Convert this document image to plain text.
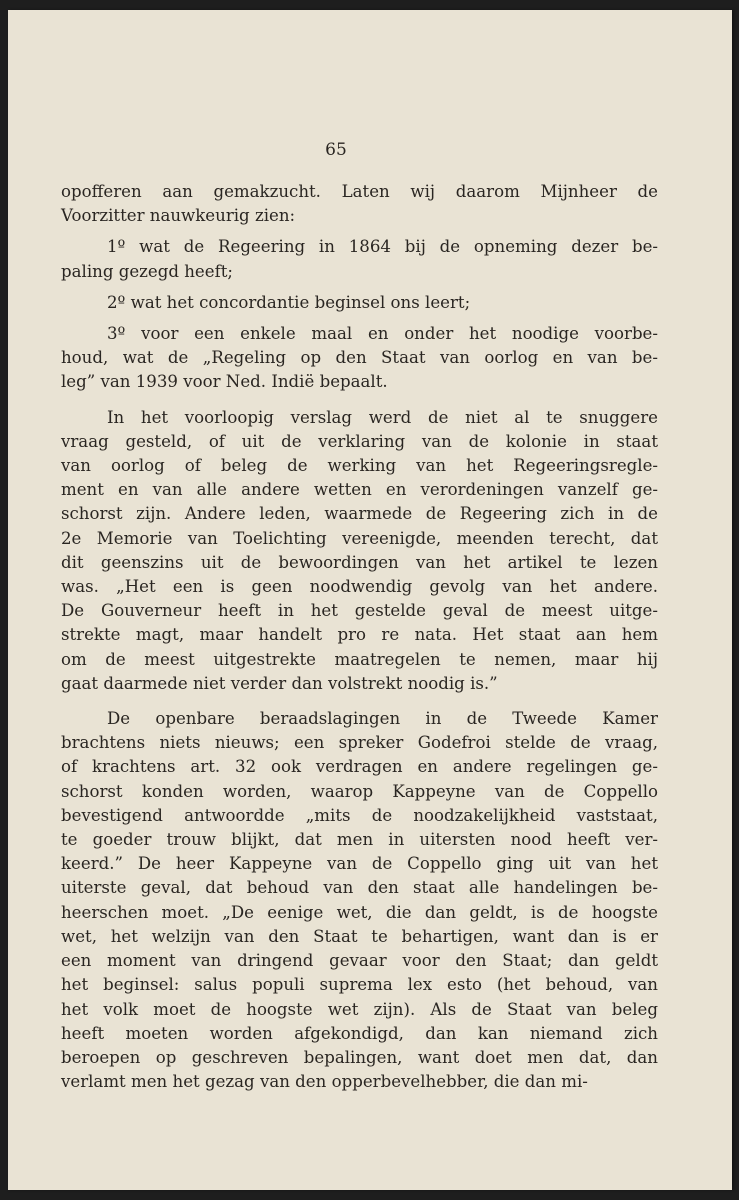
65
opofferen aan gemakzucht. Laten wij daarom Mijnheer de
Voorzitter nauwkeurig zien:
1º wat de Regeering in 1864 bij de opneming dezer be-
paling gezegd heeft;
2º wat het concordantie beginsel ons leert;
3º voor een enkele maal en onder het noodige voorbe-
houd, wat de „Regeling op den Staat van oorlog en van be-
leg” van 1939 voor Ned. Indië bepaalt.
In het voorloopig verslag werd de niet al te snuggere
vraag gesteld, of uit de verklaring van de kolonie in staat
van oorlog of beleg de werking van het Regeeringsregle-
ment en van alle andere wetten en verordeningen vanzelf ge-
schorst zijn. Andere leden, waarmede de Regeering zich in de
2e Memorie van Toelichting vereenigde, meenden terecht, dat
dit geenszins uit de bewoordingen van het artikel te lezen
was. „Het een is geen noodwendig gevolg van het andere.
De Gouverneur heeft in het gestelde geval de meest uitge-
strekte magt, maar handelt pro re nata. Het staat aan hem
om de meest uitgestrekte maatregelen te nemen, maar hij
gaat daarmede niet verder dan volstrekt noodig is.”
De openbare beraadslagingen in de Tweede Kamer
brachtens niets nieuws; een spreker Godefroi stelde de vraag,
of krachtens art. 32 ook verdragen en andere regelingen ge-
schorst konden worden, waarop Kappeyne van de Coppello
bevestigend antwoordde „mits de noodzakelijkheid vaststaat,
te goeder trouw blijkt, dat men in uitersten nood heeft ver-
keerd.” De heer Kappeyne van de Coppello ging uit van het
uiterste geval, dat behoud van den staat alle handelingen be-
heerschen moet. „De eenige wet, die dan geldt, is de hoogste
wet, het welzijn van den Staat te behartigen, want dan is er
een moment van dringend gevaar voor den Staat; dan geldt
het beginsel: salus populi suprema lex esto (het behoud, van
het volk moet de hoogste wet zijn). Als de Staat van beleg
heeft moeten worden afgekondigd, dan kan niemand zich
beroepen op geschreven bepalingen, want doet men dat, dan
verlamt men het gezag van den opperbevelhebber, die dan mi-
